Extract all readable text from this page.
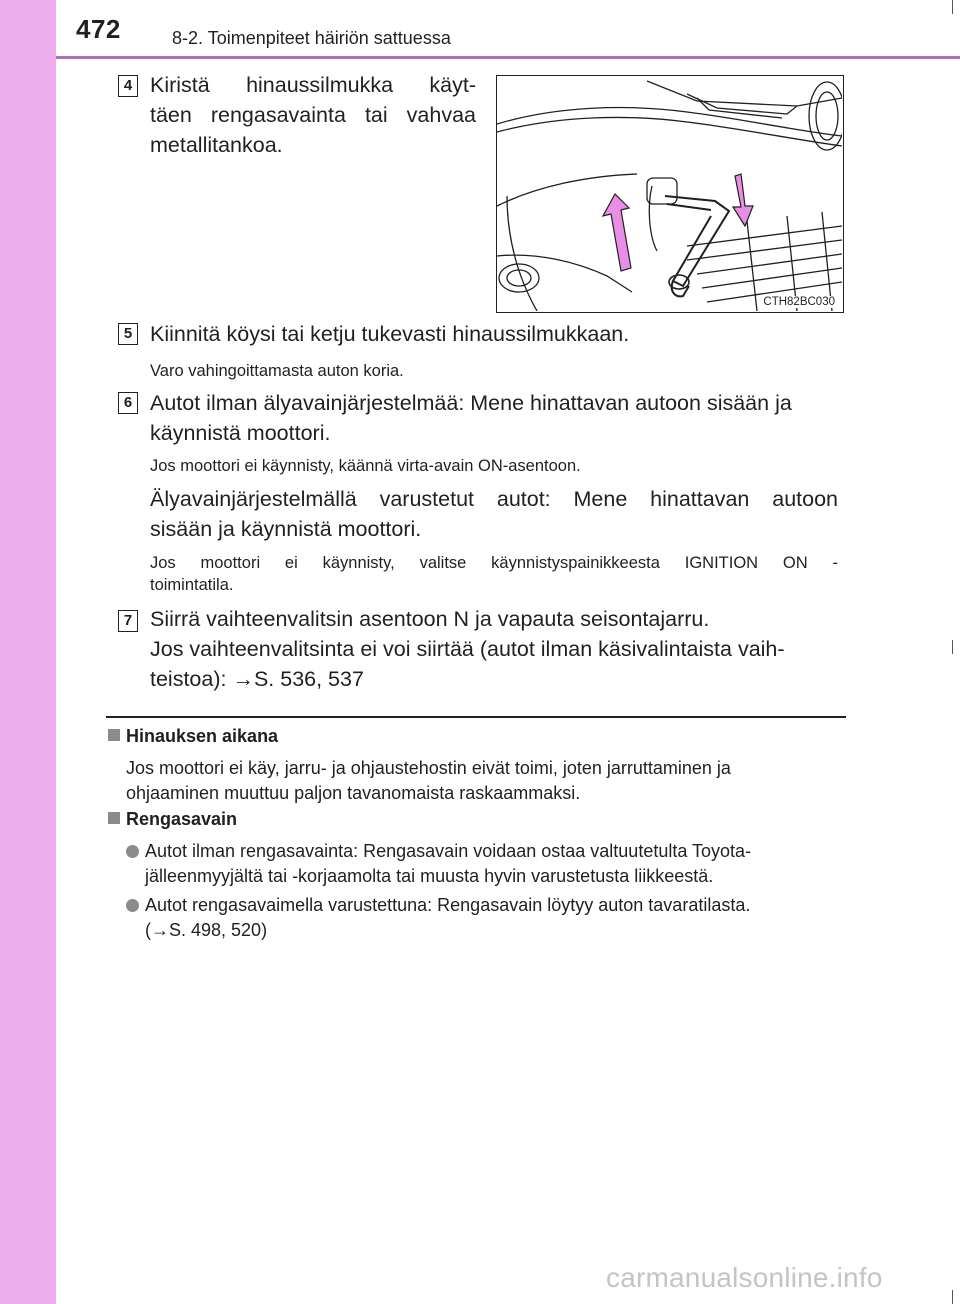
472	8-2. Toimenpiteet häiriön sattuessa
4 Kiristä hinaussilmukka käyt-
täen rengasavainta tai vahvaa
metallitankoa.
CTH82BC030
5 Kiinnitä köysi tai ketju tukevasti hinaussilmukkaan.
Varo vahingoittamasta auton koria.
6 Autot ilman älyavainjärjestelmää: Mene hinattavan autoon sisään ja
käynnistä moottori.
Jos moottori ei käynnisty, käännä virta-avain ON-asentoon.
Älyavainjärjestelmällä varustetut autot: Mene hinattavan autoon
sisään ja käynnistä moottori.
Jos moottori ei käynnisty, valitse käynnistyspainikkeesta IGNITION ON -
toimintatila.
7 Siirrä vaihteenvalitsin asentoon N ja vapauta seisontajarru.
Jos vaihteenvalitsinta ei voi siirtää (autot ilman käsivalintaista vaih-
teistoa): →S. 536, 537
Hinauksen aikana
Jos moottori ei käy, jarru- ja ohjaustehostin eivät toimi, joten jarruttaminen ja
ohjaaminen muuttuu paljon tavanomaista raskaammaksi.
Rengasavain
Autot ilman rengasavainta: Rengasavain voidaan ostaa valtuutetulta Toyota-
jälleenmyyjältä tai -korjaamolta tai muusta hyvin varustetusta liikkeestä.
Autot rengasavaimella varustettuna: Rengasavain löytyy auton tavaratilasta.
(→S. 498, 520)
carmanualsonline.info
